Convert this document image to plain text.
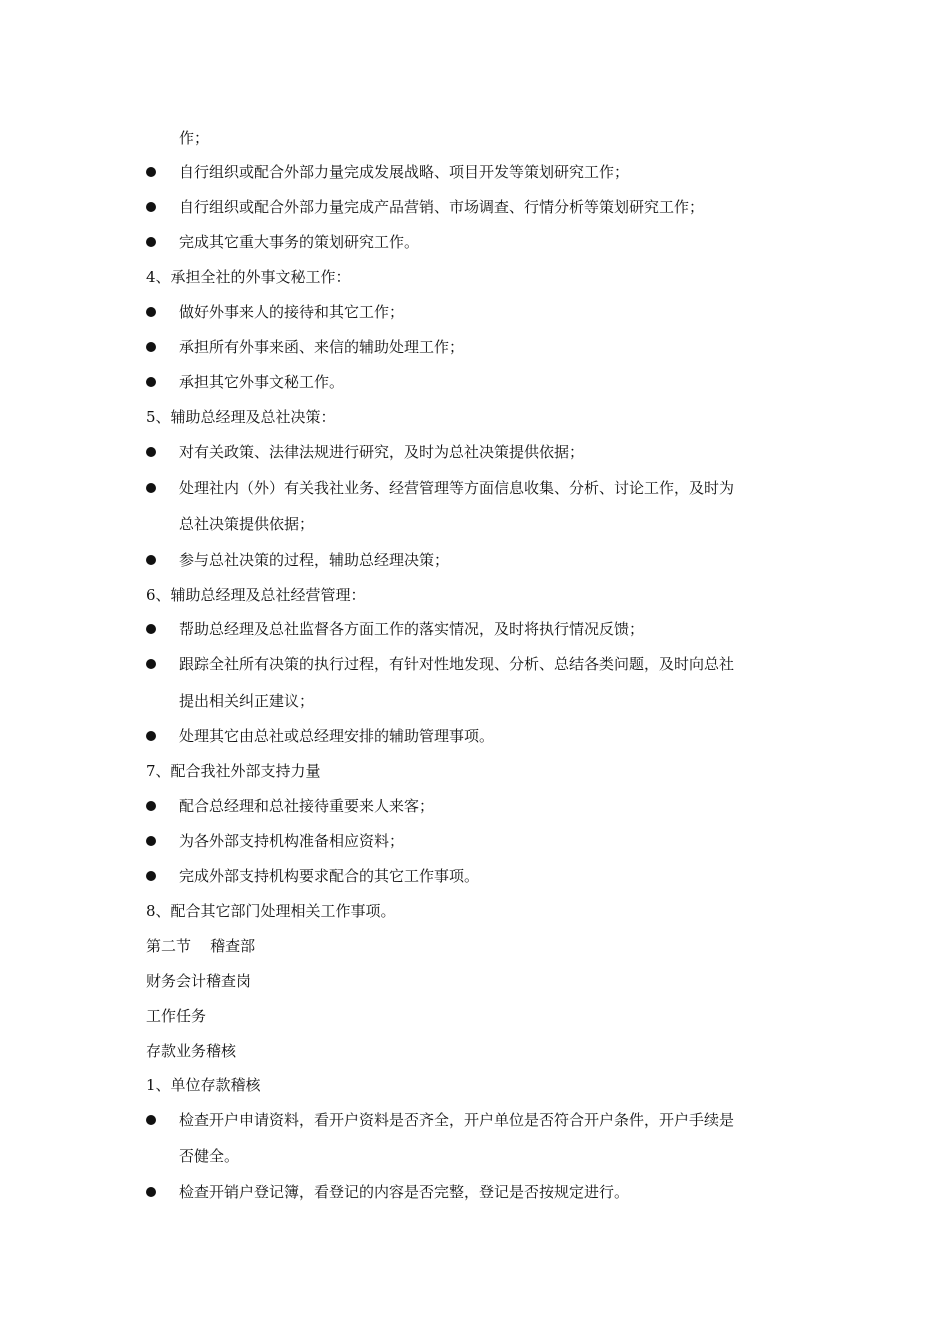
作；
自行组织或配合外部力量完成发展战略、项目开发等策划研究工作；
自行组织或配合外部力量完成产品营销、市场调查、行情分析等策划研究工作；
完成其它重大事务的策划研究工作。
4、承担全社的外事文秘工作：
做好外事来人的接待和其它工作；
承担所有外事来函、来信的辅助处理工作；
承担其它外事文秘工作。
5、辅助总经理及总社决策：
对有关政策、法律法规进行研究，及时为总社决策提供依据；
处理社内（外）有关我社业务、经营管理等方面信息收集、分析、讨论工作，及时为
总社决策提供依据；
参与总社决策的过程，辅助总经理决策；
6、辅助总经理及总社经营管理：
帮助总经理及总社监督各方面工作的落实情况，及时将执行情况反馈；
跟踪全社所有决策的执行过程，有针对性地发现、分析、总结各类问题，及时向总社
提出相关纠正建议；
处理其它由总社或总经理安排的辅助管理事项。
7、配合我社外部支持力量
配合总经理和总社接待重要来人来客；
为各外部支持机构准备相应资料；
完成外部支持机构要求配合的其它工作事项。
8、配合其它部门处理相关工作事项。
第二节    稽查部
财务会计稽查岗
工作任务
存款业务稽核
1、单位存款稽核
检查开户申请资料，看开户资料是否齐全，开户单位是否符合开户条件，开户手续是
否健全。
检查开销户登记簿，看登记的内容是否完整，登记是否按规定进行。
